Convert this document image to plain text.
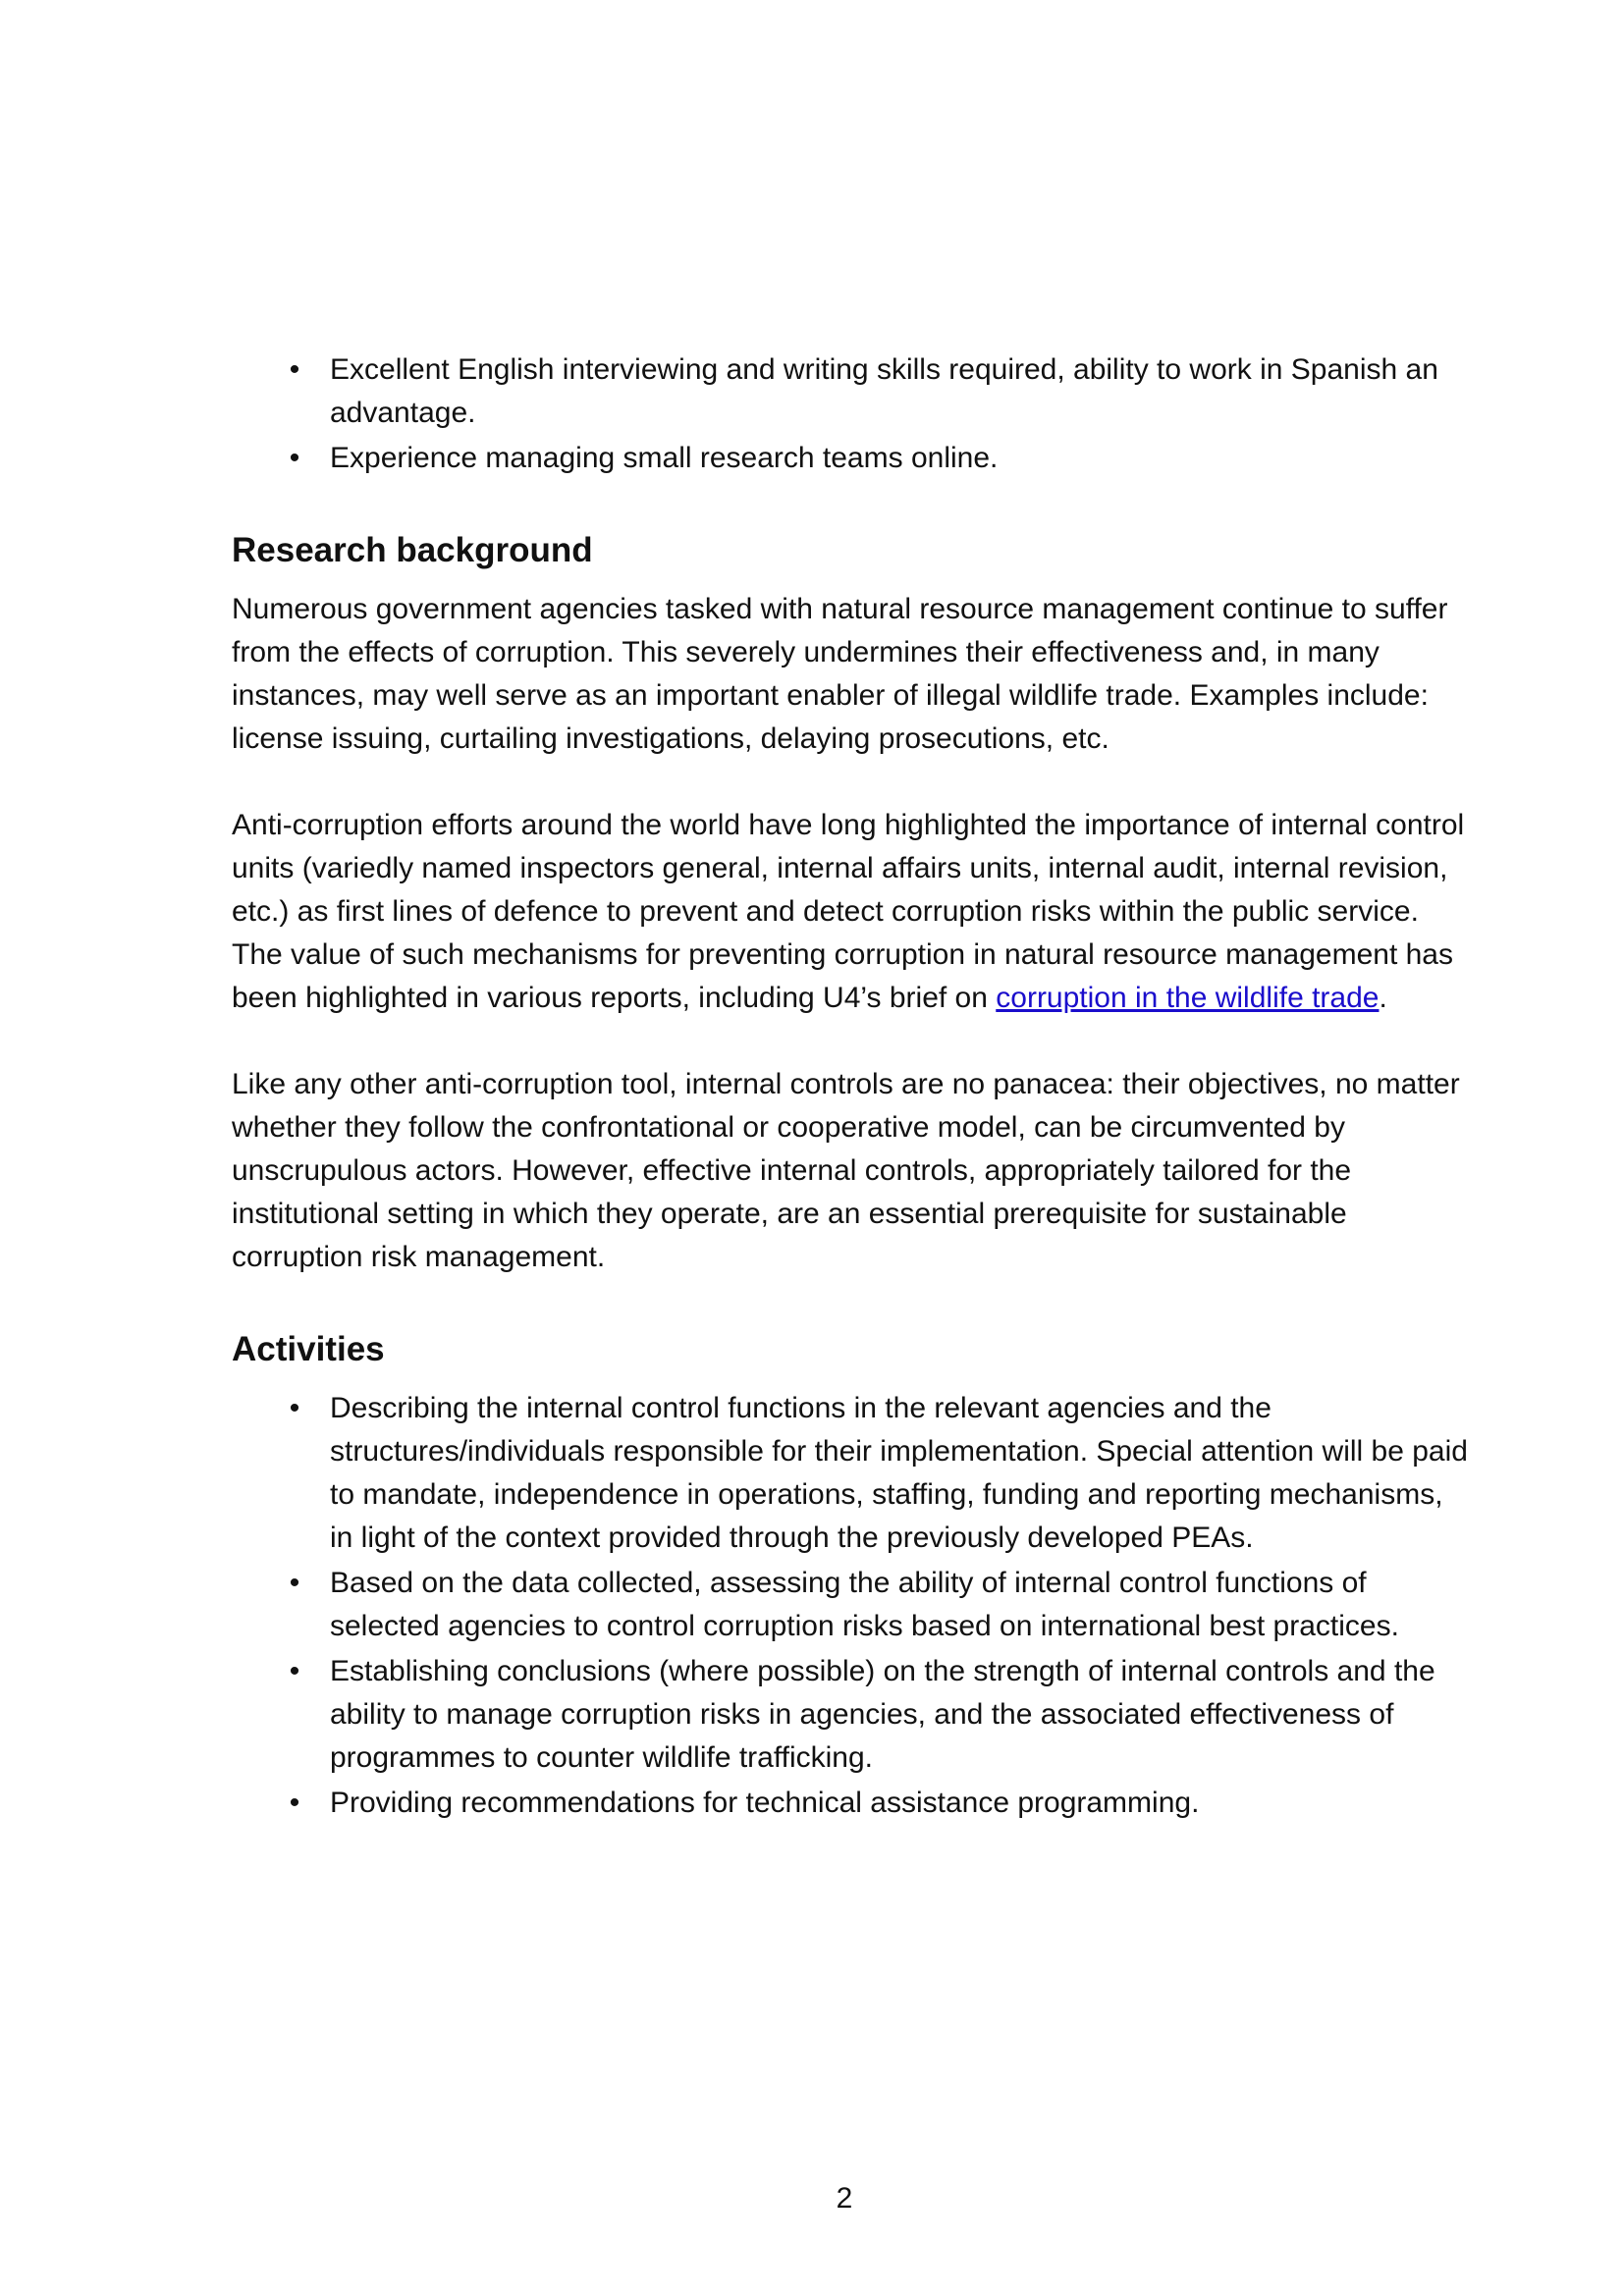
• Excellent English interviewing and writing skills required, ability to work in Spanish an advantage.
• Experience managing small research teams online.
Research background

Numerous government agencies tasked with natural resource management continue to suffer from the effects of corruption. This severely undermines their effectiveness and, in many instances, may well serve as an important enabler of illegal wildlife trade. Examples include: license issuing, curtailing investigations, delaying prosecutions, etc.

Anti-corruption efforts around the world have long highlighted the importance of internal control units (variedly named inspectors general, internal affairs units, internal audit, internal revision, etc.) as first lines of defence to prevent and detect corruption risks within the public service. The value of such mechanisms for preventing corruption in natural resource management has been highlighted in various reports, including U4’s brief on corruption in the wildlife trade.

Like any other anti-corruption tool, internal controls are no panacea: their objectives, no matter whether they follow the confrontational or cooperative model, can be circumvented by unscrupulous actors. However, effective internal controls, appropriately tailored for the institutional setting in which they operate, are an essential prerequisite for sustainable corruption risk management.

Activities
• Describing the internal control functions in the relevant agencies and the structures/individuals responsible for their implementation. Special attention will be paid to mandate, independence in operations, staffing, funding and reporting mechanisms, in light of the context provided through the previously developed PEAs.
• Based on the data collected, assessing the ability of internal control functions of selected agencies to control corruption risks based on international best practices.
• Establishing conclusions (where possible) on the strength of internal controls and the ability to manage corruption risks in agencies, and the associated effectiveness of programmes to counter wildlife trafficking.
• Providing recommendations for technical assistance programming.
2
